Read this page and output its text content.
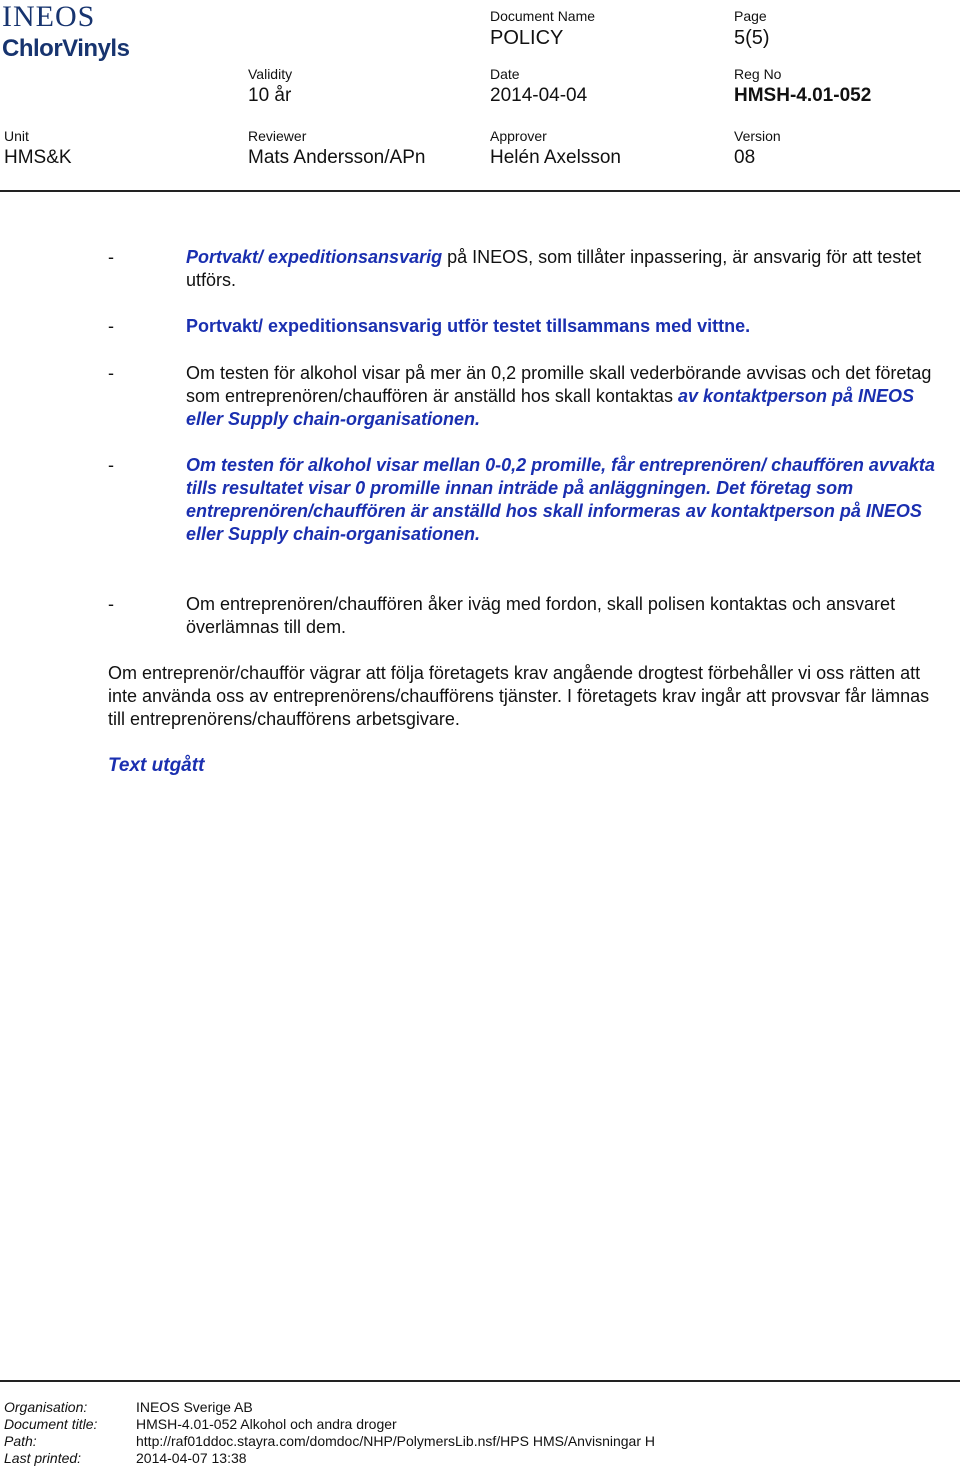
INEOS
ChlorVinyls
Document Name
POLICY
Page
5(5)
Validity
10 år
Date
2014-04-04
Reg No
HMSH-4.01-052
Unit
HMS&K
Reviewer
Mats Andersson/APn
Approver
Helén Axelsson
Version
08
-	Portvakt/ expeditionsansvarig på INEOS, som tillåter inpassering, är ansvarig för att testet utförs.
-	Portvakt/ expeditionsansvarig utför testet tillsammans med vittne.
-	Om testen för alkohol visar på mer än 0,2 promille skall vederbörande avvisas och det företag som entreprenören/chauffören är anställd hos skall kontaktas av kontaktperson på INEOS eller Supply chain-organisationen.
-	Om testen för alkohol visar mellan 0-0,2 promille, får entreprenören/ chauffören avvakta tills resultatet visar 0 promille innan inträde på anläggningen. Det företag som entreprenören/chauffören är anställd hos skall informeras av kontaktperson på INEOS eller Supply chain-organisationen.
-	Om entreprenören/chauffören åker iväg med fordon, skall polisen kontaktas och ansvaret överlämnas till dem.
Om entreprenör/chaufför vägrar att följa företagets krav angående drogtest förbehåller vi oss rätten att inte använda oss av entreprenörens/chaufförens tjänster. I företagets krav ingår att provsvar får lämnas till entreprenörens/chaufförens arbetsgivare.
Text utgått
Organisation:	INEOS Sverige AB
Document title:	HMSH-4.01-052 Alkohol och andra droger
Path:	http://raf01ddoc.stayra.com/domdoc/NHP/PolymersLib.nsf/HPS HMS/Anvisningar H
Last printed:	2014-04-07 13:38
